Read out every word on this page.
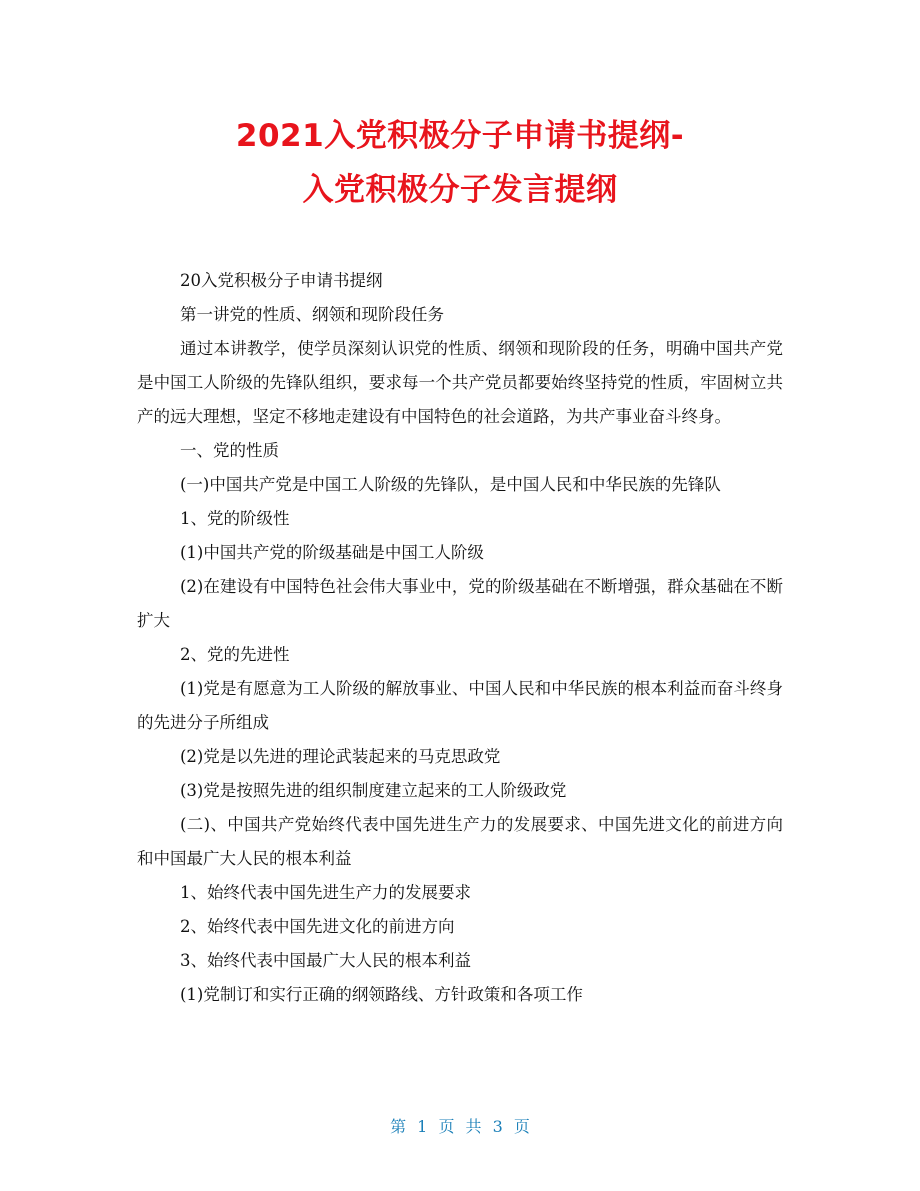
2021入党积极分子申请书提纲-
入党积极分子发言提纲

20入党积极分子申请书提纲

第一讲党的性质、纲领和现阶段任务

通过本讲教学，使学员深刻认识党的性质、纲领和现阶段的任务，明确中国共产党是中国工人阶级的先锋队组织，要求每一个共产党员都要始终坚持党的性质，牢固树立共产的远大理想，坚定不移地走建设有中国特色的社会道路，为共产事业奋斗终身。

一、党的性质

(一)中国共产党是中国工人阶级的先锋队，是中国人民和中华民族的先锋队

1、党的阶级性

(1)中国共产党的阶级基础是中国工人阶级

(2)在建设有中国特色社会伟大事业中，党的阶级基础在不断增强，群众基础在不断扩大

2、党的先进性

(1)党是有愿意为工人阶级的解放事业、中国人民和中华民族的根本利益而奋斗终身的先进分子所组成

(2)党是以先进的理论武装起来的马克思政党

(3)党是按照先进的组织制度建立起来的工人阶级政党

(二)、中国共产党始终代表中国先进生产力的发展要求、中国先进文化的前进方向和中国最广大人民的根本利益

1、始终代表中国先进生产力的发展要求

2、始终代表中国先进文化的前进方向

3、始终代表中国最广大人民的根本利益

(1)党制订和实行正确的纲领路线、方针政策和各项工作

第 1 页 共 3 页
